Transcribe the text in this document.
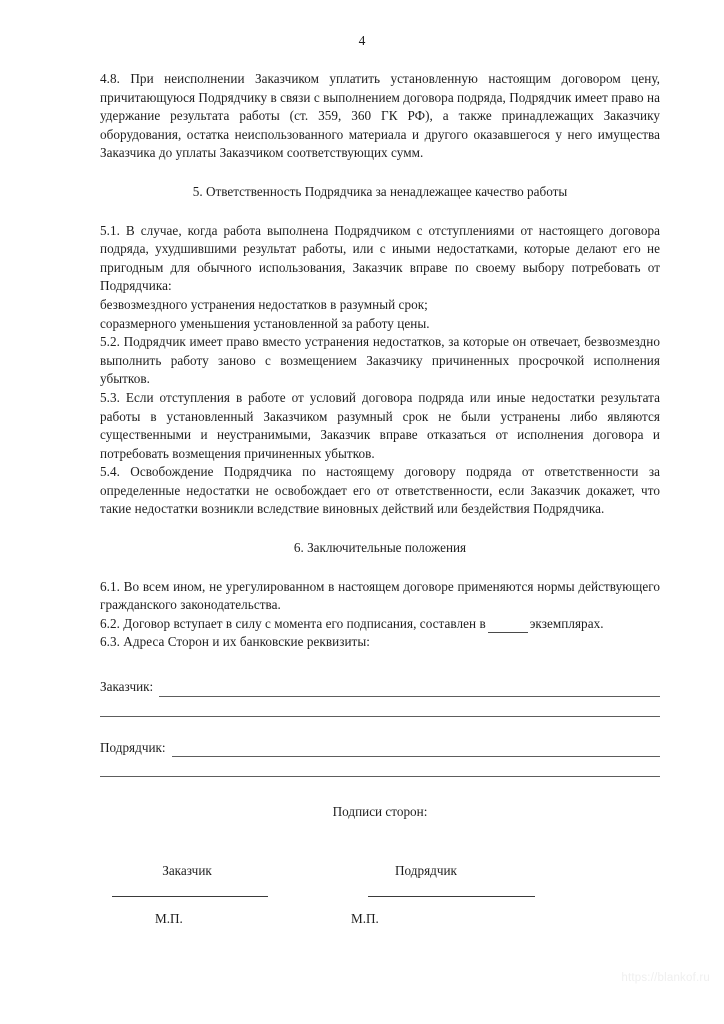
4

4.8. При неисполнении Заказчиком уплатить установленную настоящим договором цену, причитающуюся Подрядчику в связи с выполнением договора подряда, Подрядчик имеет право на удержание результата работы (ст. 359, 360 ГК РФ), а также принадлежащих Заказчику оборудования, остатка неиспользованного материала и другого оказавшегося у него имущества Заказчика до уплаты Заказчиком соответствующих сумм.

5. Ответственность Подрядчика за ненадлежащее качество работы

5.1. В случае, когда работа выполнена Подрядчиком с отступлениями от настоящего договора подряда, ухудшившими результат работы, или с иными недостатками, которые делают его не пригодным для обычного использования, Заказчик вправе по своему выбору потребовать от Подрядчика:

безвозмездного устранения недостатков в разумный срок;

соразмерного уменьшения установленной за работу цены.

5.2. Подрядчик имеет право вместо устранения недостатков, за которые он отвечает, безвозмездно выполнить работу заново с возмещением Заказчику причиненных просрочкой исполнения убытков.

5.3. Если отступления в работе от условий договора подряда или иные недостатки результата работы в установленный Заказчиком разумный срок не были устранены либо являются существенными и неустранимыми, Заказчик вправе отказаться от исполнения договора и потребовать возмещения причиненных убытков.

5.4. Освобождение Подрядчика по настоящему договору подряда от ответственности за определенные недостатки не освобождает его от ответственности, если Заказчик докажет, что такие недостатки возникли вследствие виновных действий или бездействия Подрядчика.

6. Заключительные положения

6.1. Во всем ином, не урегулированном в настоящем договоре применяются нормы действующего гражданского законодательства.

6.2. Договор вступает в силу с момента его подписания, составлен в	экземплярах.

6.3. Адреса Сторон и их банковские реквизиты:

Заказчик:
Подрядчик:

Подписи сторон:

Заказчик
М.П.
Подрядчик
М.П.
https://blankof.ru
